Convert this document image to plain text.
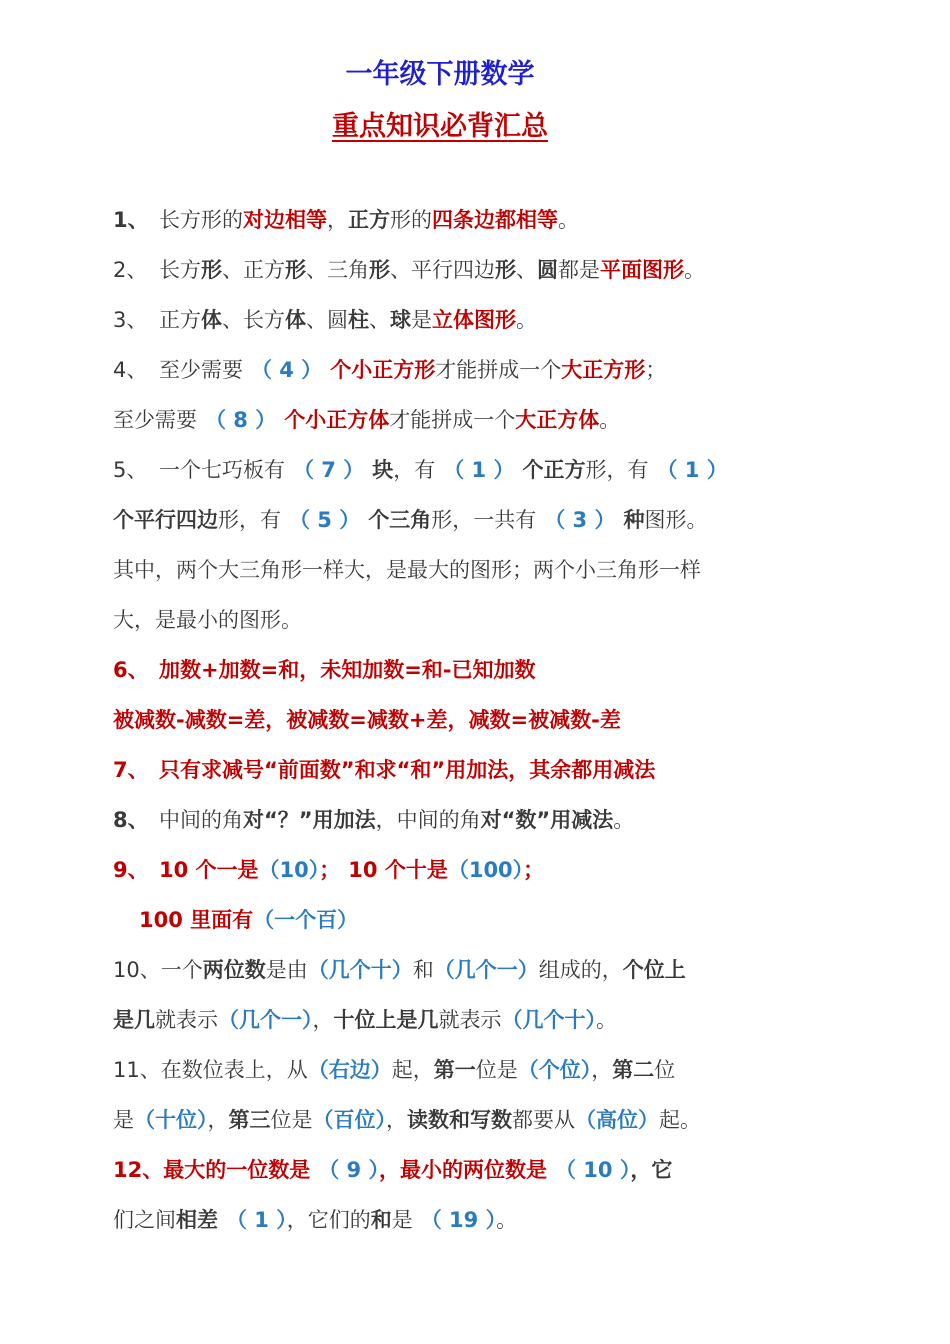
一年级下册数学
重点知识必背汇总
1、 长方形的对边相等，正方形的四条边都相等。
2、 长方形、正方形、三角形、平行四边形、圆都是平面图形。
3、 正方体、长方体、圆柱、球是立体图形。
4、 至少需要 （ 4 ） 个小正方形才能拼成一个大正方形；
至少需要 （ 8 ） 个小正方体才能拼成一个大正方体。
5、 一个七巧板有 （ 7 ） 块，有 （ 1 ） 个正方形，有 （ 1 ）
个平行四边形，有 （ 5 ） 个三角形，一共有 （ 3 ） 种图形。
其中，两个大三角形一样大，是最大的图形；两个小三角形一样
大，是最小的图形。
6、 加数+加数=和，未知加数=和-已知加数
被减数-减数=差，被减数=减数+差，减数=被减数-差
7、 只有求减号“前面数”和求“和”用加法，其余都用减法
8、 中间的角对“？”用加法，中间的角对“数”用减法。
9、 10 个一是（10）； 10 个十是（100）；
100 里面有（一个百）
10、一个两位数是由（几个十）和（几个一）组成的，个位上
是几就表示（几个一），十位上是几就表示（几个十）。
11、在数位表上，从（右边）起，第一位是（个位），第二位
是（十位），第三位是（百位），读数和写数都要从（高位）起。
12、最大的一位数是 （ 9 ），最小的两位数是 （ 10 ），它
们之间相差 （ 1 ），它们的和是 （ 19 ）。
